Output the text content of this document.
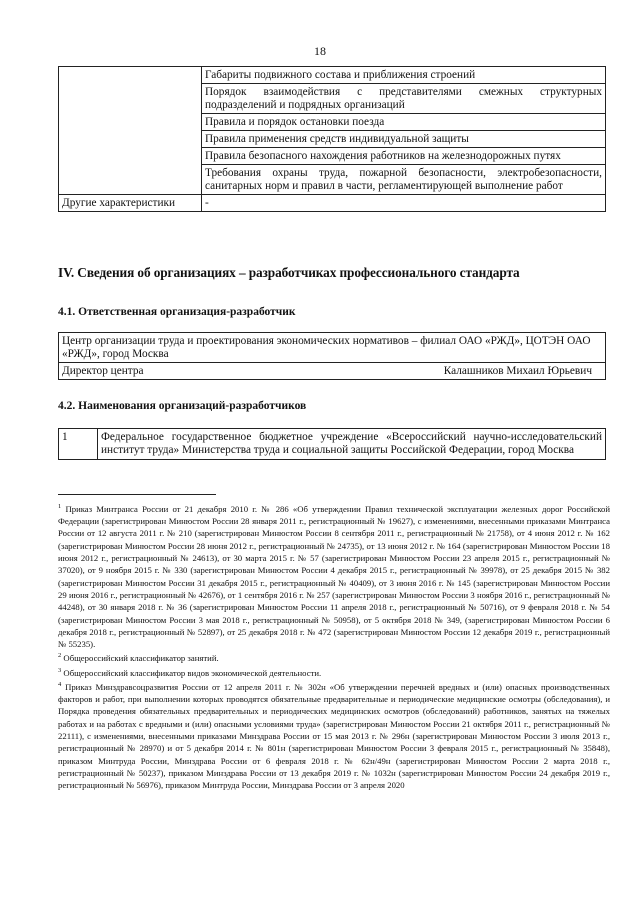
18
	Габариты подвижного состава и приближения строений
	Порядок взаимодействия с представителями смежных структурных подразделений и подрядных организаций
	Правила и порядок остановки поезда
	Правила применения средств индивидуальной защиты
	Правила безопасного нахождения работников на железнодорожных путях
	Требования охраны труда, пожарной безопасности, электробезопасности, санитарных норм и правил в части, регламентирующей выполнение работ
Другие характеристики	-
IV. Сведения об организациях – разработчиках профессионального стандарта
4.1. Ответственная организация-разработчик
Центр организации труда и проектирования экономических нормативов – филиал ОАО «РЖД», ЦОТЭН ОАО «РЖД», город Москва

Директор центра	Калашников Михаил Юрьевич
4.2. Наименования организаций-разработчиков
1	Федеральное государственное бюджетное учреждение «Всероссийский научно-исследовательский институт труда» Министерства труда и социальной защиты Российской Федерации, город Москва

$^1$ Приказ Минтранса России от 21 декабря 2010 г. № 286 «Об утверждении Правил технической эксплуатации железных дорог Российской Федерации (зарегистрирован Минюстом России 28 января 2011 г., регистрационный № 19627), с изменениями, внесенными приказами Минтранса России от 12 августа 2011 г. № 210 (зарегистрирован Минюстом России 8 сентября 2011 г., регистрационный № 21758), от 4 июня 2012 г. № 162 (зарегистрирован Минюстом России 28 июня 2012 г., регистрационный № 24735), от 13 июня 2012 г. № 164 (зарегистрирован Минюстом России 18 июня 2012 г., регистрационный № 24613), от 30 марта 2015 г. № 57 (зарегистрирован Минюстом России 23 апреля 2015 г., регистрационный № 37020), от 9 ноября 2015 г. № 330 (зарегистрирован Минюстом России 4 декабря 2015 г., регистрационный № 39978), от 25 декабря 2015 № 382 (зарегистрирован Минюстом России 31 декабря 2015 г., регистрационный № 40409), от 3 июня 2016 г. № 145 (зарегистрирован Минюстом России 29 июня 2016 г., регистрационный № 42676), от 1 сентября 2016 г. № 257 (зарегистрирован Минюстом России 3 ноября 2016 г., регистрационный № 44248), от 30 января 2018 г. № 36 (зарегистрирован Минюстом России 11 апреля 2018 г., регистрационный № 50716), от 9 февраля 2018 г. № 54 (зарегистрирован Минюстом России 3 мая 2018 г., регистрационный № 50958), от 5 октября 2018 № 349, (зарегистрирован Минюстом России 6 декабря 2018 г., регистрационный № 52897), от 25 декабря 2018 г. № 472 (зарегистрирован Минюстом России 12 декабря 2019 г., регистрационный № 55235).

$^2$ Общероссийский классификатор занятий.

$^3$ Общероссийский классификатор видов экономической деятельности.

$^4$ Приказ Минздравсоцразвития России от 12 апреля 2011 г. № 302н «Об утверждении перечней вредных и (или) опасных производственных факторов и работ, при выполнении которых проводятся обязательные предварительные и периодические медицинские осмотры (обследования), и Порядка проведения обязательных предварительных и периодических медицинских осмотров (обследований) работников, занятых на тяжелых работах и на работах с вредными и (или) опасными условиями труда» (зарегистрирован Минюстом России 21 октября 2011 г., регистрационный № 22111), с изменениями, внесенными приказами Минздрава России от 15 мая 2013 г. № 296н (зарегистрирован Минюстом России 3 июля 2013 г., регистрационный № 28970) и от 5 декабря 2014 г. № 801н (зарегистрирован Минюстом России 3 февраля 2015 г., регистрационный № 35848), приказом Минтруда России, Минздрава России от 6 февраля 2018 г. № 62н/49н (зарегистрирован Минюстом России 2 марта 2018 г., регистрационный № 50237), приказом Минздрава России от 13 декабря 2019 г. № 1032н (зарегистрирован Минюстом России 24 декабря 2019 г., регистрационный № 56976), приказом Минтруда России, Минздрава России от 3 апреля 2020
